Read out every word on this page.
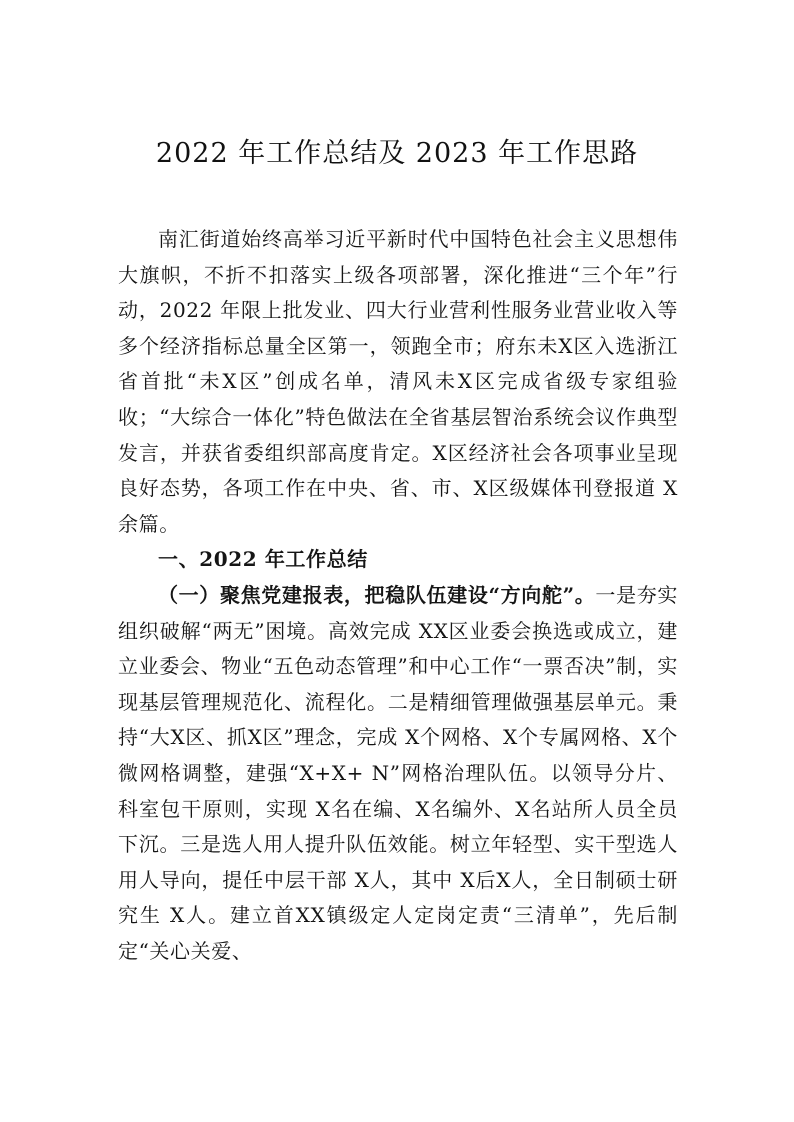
2022 年工作总结及 2023 年工作思路

南汇街道始终高举习近平新时代中国特色社会主义思想伟大旗帜，不折不扣落实上级各项部署，深化推进“三个年”行动，2022 年限上批发业、四大行业营利性服务业营业收入等多个经济指标总量全区第一，领跑全市；府东未X区入选浙江省首批“未X区”创成名单，清风未X区完成省级专家组验收；“大综合一体化”特色做法在全省基层智治系统会议作典型发言，并获省委组织部高度肯定。X区经济社会各项事业呈现良好态势，各项工作在中央、省、市、X区级媒体刊登报道 X余篇。

一、2022 年工作总结

（一）聚焦党建报表，把稳队伍建设“方向舵”。一是夯实组织破解“两无”困境。高效完成 XX区业委会换选或成立，建立业委会、物业“五色动态管理”和中心工作“一票否决”制，实现基层管理规范化、流程化。二是精细管理做强基层单元。秉持“大X区、抓X区”理念，完成 X个网格、X个专属网格、X个微网格调整，建强“X+X+ N”网格治理队伍。以领导分片、科室包干原则，实现 X名在编、X名编外、X名站所人员全员下沉。三是选人用人提升队伍效能。树立年轻型、实干型选人用人导向，提任中层干部 X人，其中 X后X人，全日制硕士研究生 X人。建立首XX镇级定人定岗定责“三清单”，先后制定“关心关爱、
